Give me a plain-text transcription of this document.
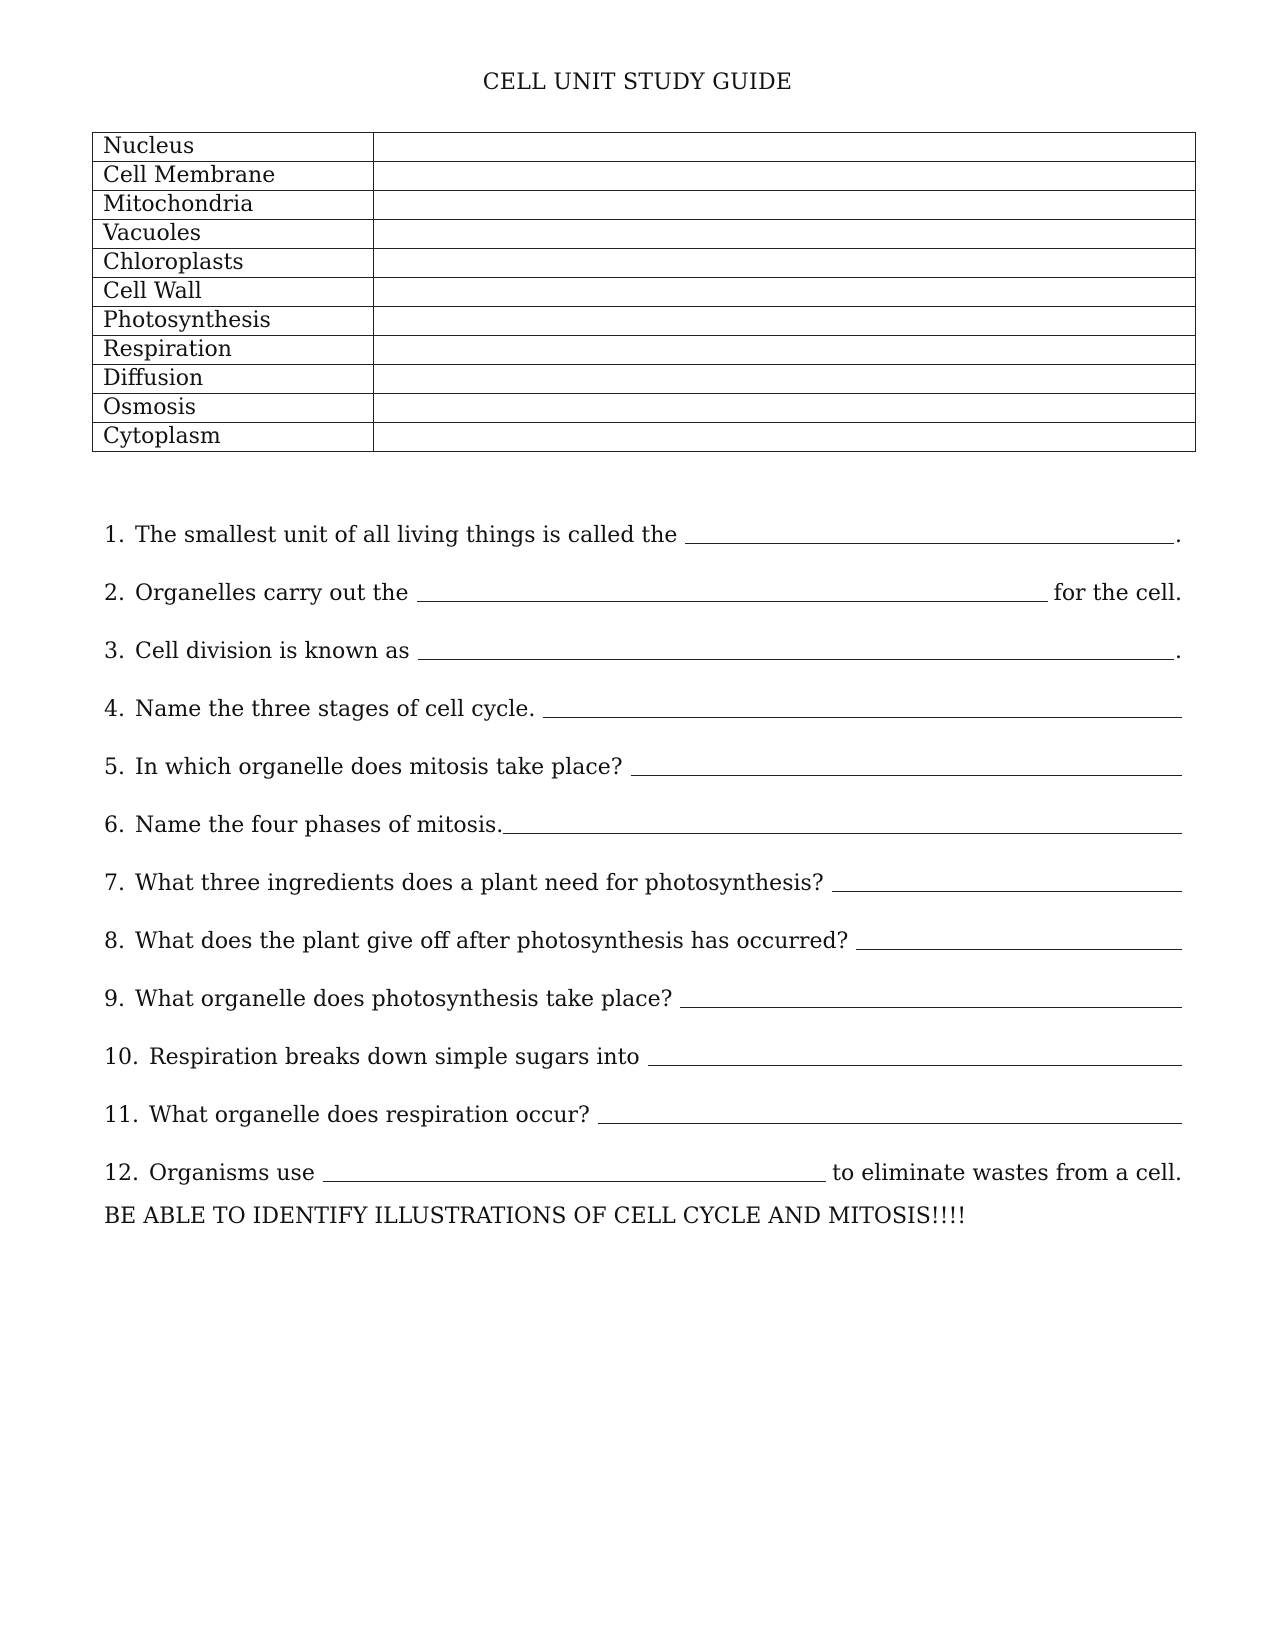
CELL UNIT STUDY GUIDE
Nucleus	
Cell Membrane	
Mitochondria	
Vacuoles	
Chloroplasts	
Cell Wall	
Photosynthesis	
Respiration	
Diffusion	
Osmosis	
Cytoplasm	
1. The smallest unit of all living things is called the	.
2. Organelles carry out the	for the cell.
3. Cell division is known as	.
4. Name the three stages of cell cycle.
5. In which organelle does mitosis take place?
6. Name the four phases of mitosis.
7. What three ingredients does a plant need for photosynthesis?
8. What does the plant give off after photosynthesis has occurred?
9. What organelle does photosynthesis take place?
10. Respiration breaks down simple sugars into
11. What organelle does respiration occur?
12. Organisms use	to eliminate wastes from a cell.
BE ABLE TO IDENTIFY ILLUSTRATIONS OF CELL CYCLE AND MITOSIS!!!!
